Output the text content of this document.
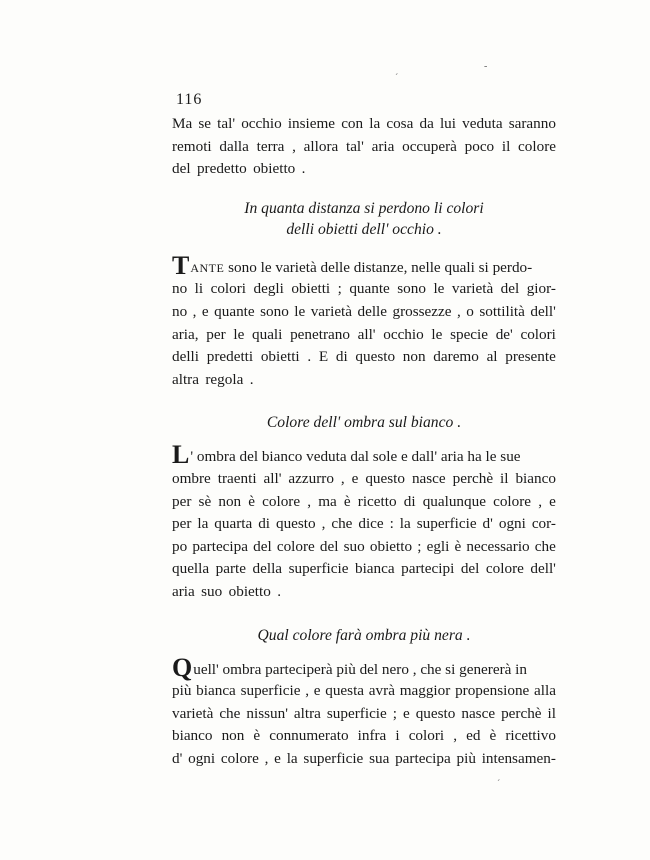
´
-
´
116
Ma se tal' occhio insieme con la cosa da lui veduta saranno
remoti dalla terra , allora tal' aria occuperà poco il colore
del predetto obietto .
In quanta distanza si perdono li colori
delli obietti dell' occhio .
TANTE sono le varietà delle distanze, nelle quali si perdo-
no li colori degli obietti ; quante sono le varietà del gior-
no , e quante sono le varietà delle grossezze , o sottilità dell'
aria, per le quali penetrano all' occhio le specie de' colori
delli predetti obietti . E di questo non daremo al presente
altra regola .
Colore dell' ombra sul bianco .
L' ombra del bianco veduta dal sole e dall' aria ha le sue
ombre traenti all' azzurro , e questo nasce perchè il bianco
per sè non è colore , ma è ricetto di qualunque colore , e
per la quarta di questo , che dice : la superficie d' ogni cor-
po partecipa del colore del suo obietto ; egli è necessario che
quella parte della superficie bianca partecipi del colore dell'
aria suo obietto .
Qual colore farà ombra più nera .
Quell' ombra parteciperà più del nero , che si genererà in
più bianca superficie , e questa avrà maggior propensione alla
varietà che nissun' altra superficie ; e questo nasce perchè il
bianco non è connumerato infra i colori , ed è ricettivo
d' ogni colore , e la superficie sua partecipa più intensamen-
